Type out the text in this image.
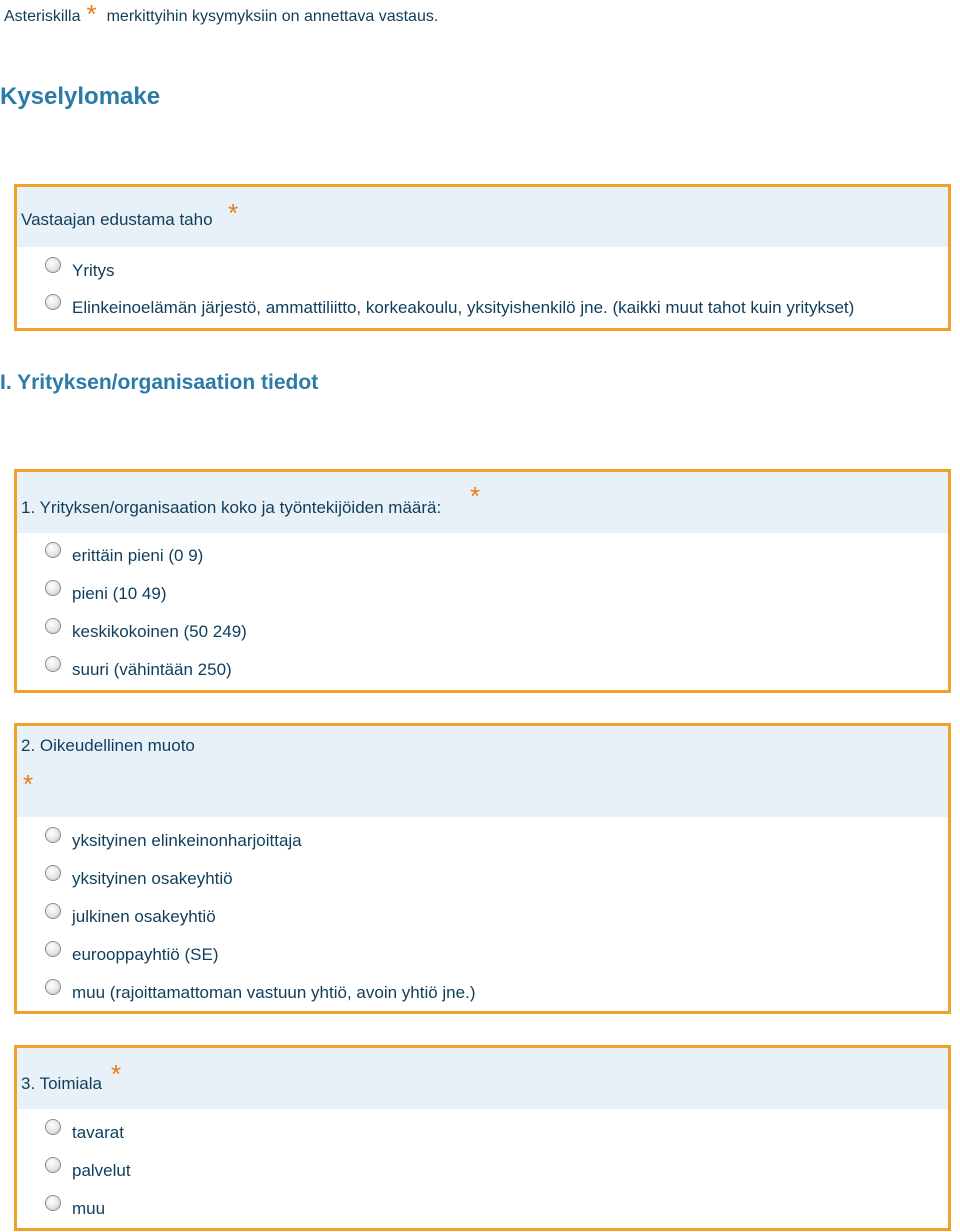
Asteriskilla * merkittyihin kysymyksiin on annettava vastaus.
Kyselylomake
Vastaajan edustama taho *
Yritys
Elinkeinoelämän järjestö, ammattiliitto, korkeakoulu, yksityishenkilö jne. (kaikki muut tahot kuin yritykset)
I. Yrityksen/organisaation tiedot
1. Yrityksen/organisaation koko ja työntekijöiden määrä: *
erittäin pieni (0 9)
pieni (10 49)
keskikokoinen (50 249)
suuri (vähintään 250)
2. Oikeudellinen muoto
*
yksityinen elinkeinonharjoittaja
yksityinen osakeyhtiö
julkinen osakeyhtiö
eurooppayhtiö (SE)
muu (rajoittamattoman vastuun yhtiö, avoin yhtiö jne.)
3. Toimiala *
tavarat
palvelut
muu
